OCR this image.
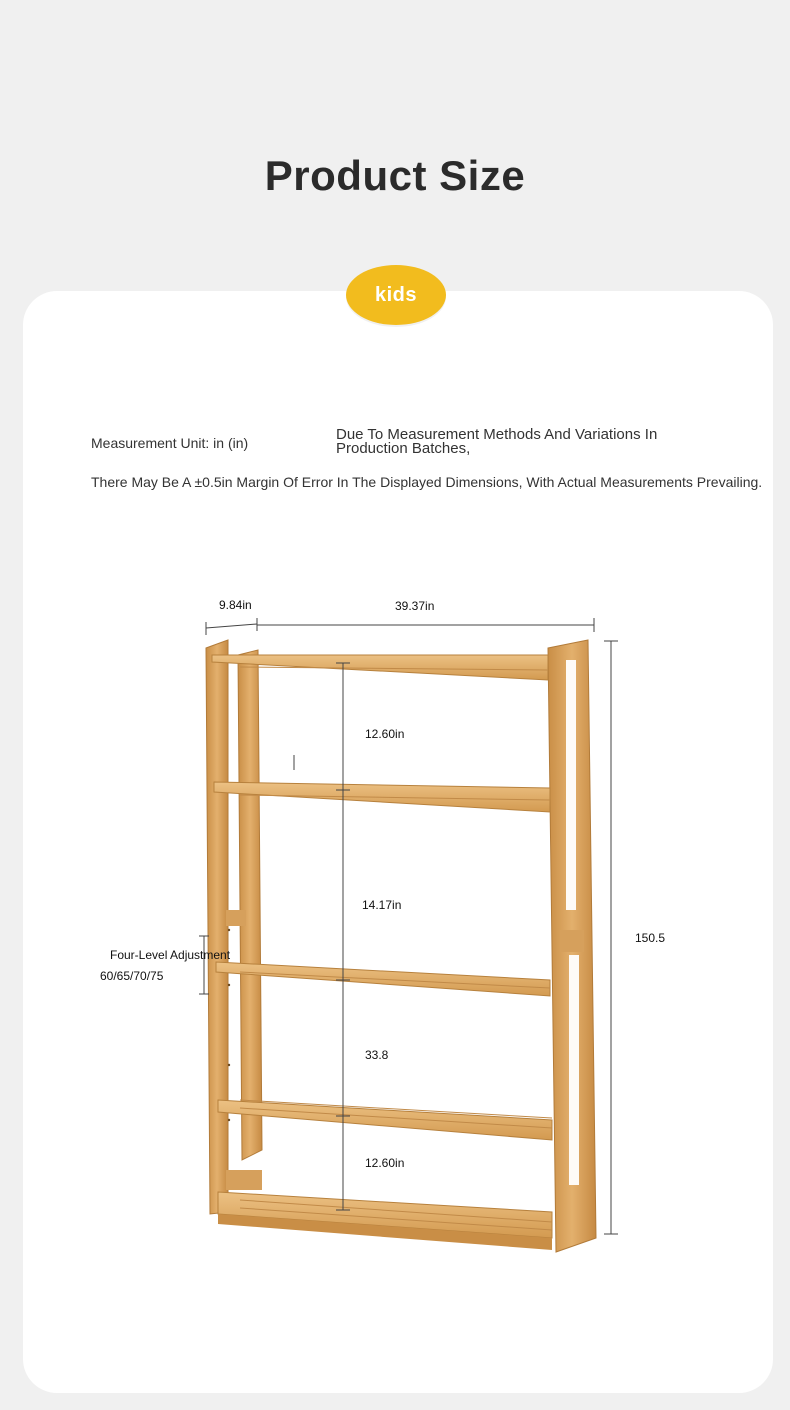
Product Size
kids
Measurement Unit: in (in)	Due To Measurement Methods And Variations In Production Batches,
There May Be A ±0.5in Margin Of Error In The Displayed Dimensions, With Actual Measurements Prevailing.
9.84in	39.37in
150.5
12.60in
14.17in
33.8
12.60in
Four-Level Adjustment
60/65/70/75
